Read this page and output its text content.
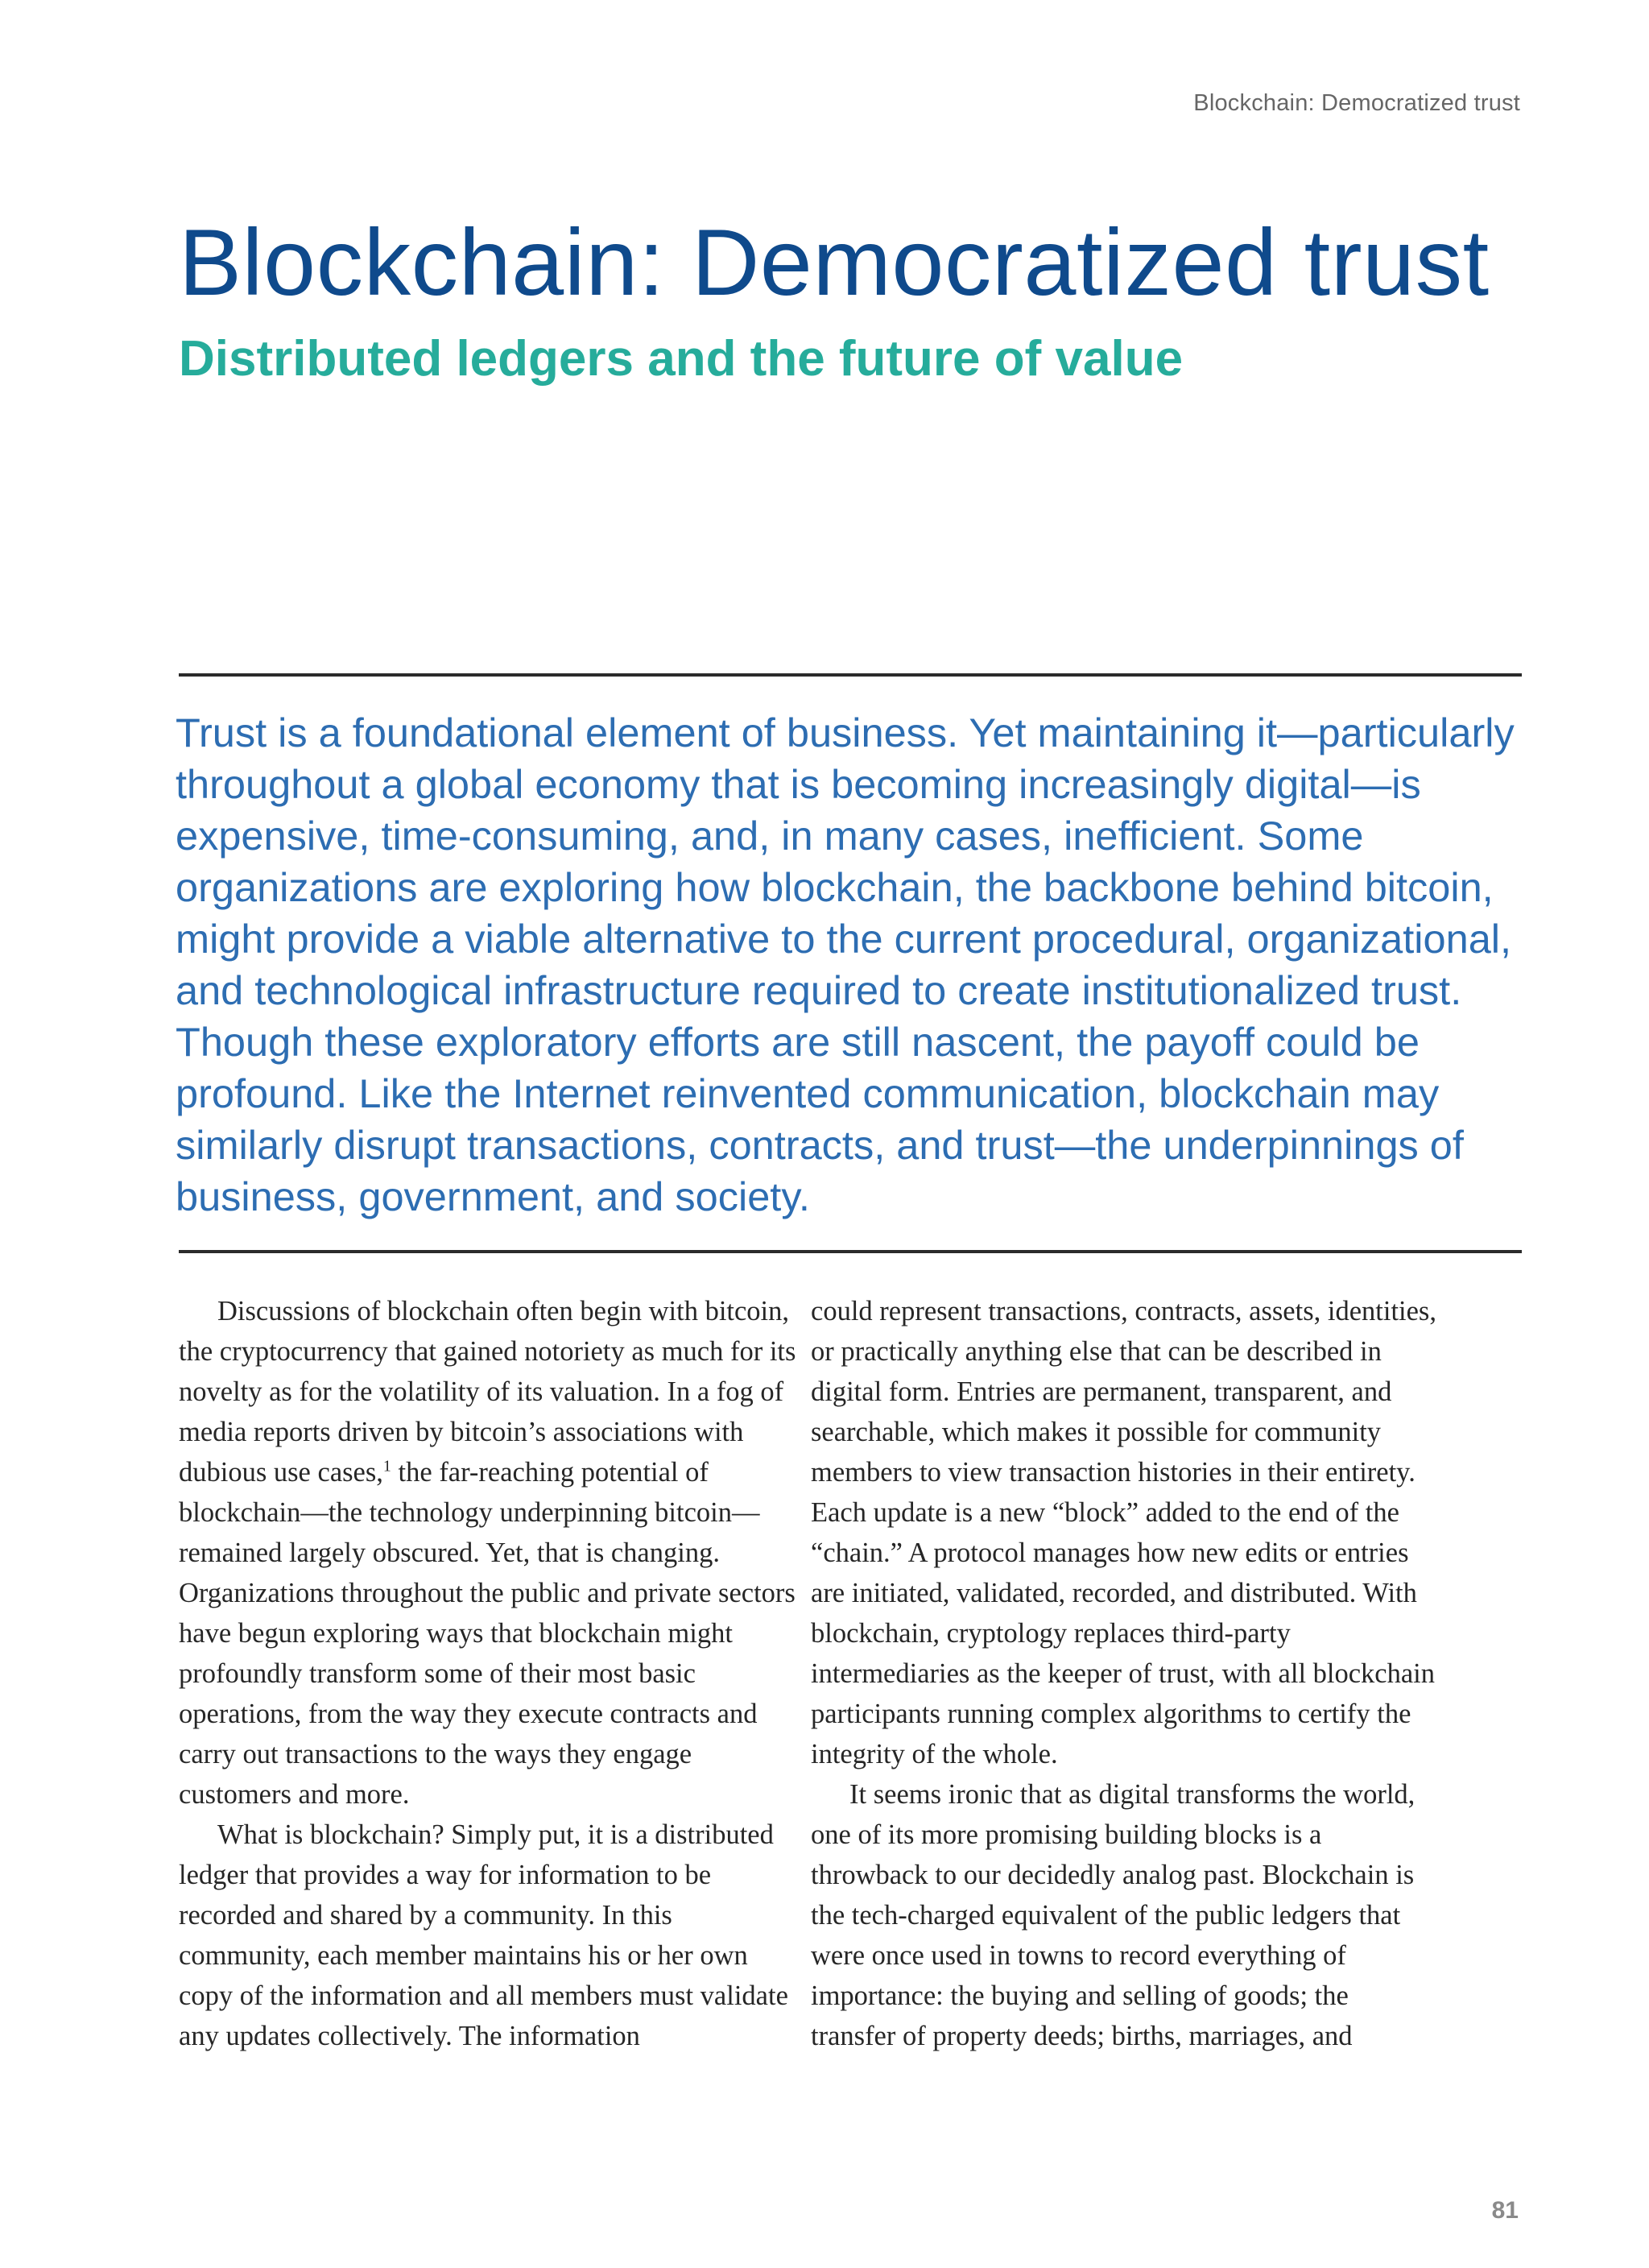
Blockchain: Democratized trust
Blockchain: Democratized trust
Distributed ledgers and the future of value

Trust is a foundational element of business. Yet maintaining it—particularly throughout a global economy that is becoming increasingly digital—is expensive, time-consuming, and, in many cases, inefficient. Some organizations are exploring how blockchain, the backbone behind bitcoin, might provide a viable alternative to the current procedural, organizational, and technological infrastructure required to create institutionalized trust. Though these exploratory efforts are still nascent, the payoff could be profound. Like the Internet reinvented communication, blockchain may similarly disrupt transactions, contracts, and trust—the underpinnings of business, government, and society.

Discussions of blockchain often begin with bitcoin, the cryptocurrency that gained notoriety as much for its novelty as for the volatility of its valuation. In a fog of media reports driven by bitcoin’s associations with dubious use cases,$^1$ the far-reaching potential of blockchain—the technology underpinning bitcoin—remained largely obscured. Yet, that is changing. Organizations throughout the public and private sectors have begun exploring ways that blockchain might profoundly transform some of their most basic operations, from the way they execute contracts and carry out transactions to the ways they engage customers and more.

What is blockchain? Simply put, it is a distributed ledger that provides a way for information to be recorded and shared by a community. In this community, each member maintains his or her own copy of the information and all members must validate any updates collectively. The information

could represent transactions, contracts, assets, identities, or practically anything else that can be described in digital form. Entries are permanent, transparent, and searchable, which makes it possible for community members to view transaction histories in their entirety. Each update is a new “block” added to the end of the “chain.” A protocol manages how new edits or entries are initiated, validated, recorded, and distributed. With blockchain, cryptology replaces third-party intermediaries as the keeper of trust, with all blockchain participants running complex algorithms to certify the integrity of the whole.

It seems ironic that as digital transforms the world, one of its more promising building blocks is a throwback to our decidedly analog past. Blockchain is the tech-charged equivalent of the public ledgers that were once used in towns to record everything of importance: the buying and selling of goods; the transfer of property deeds; births, marriages, and

81
